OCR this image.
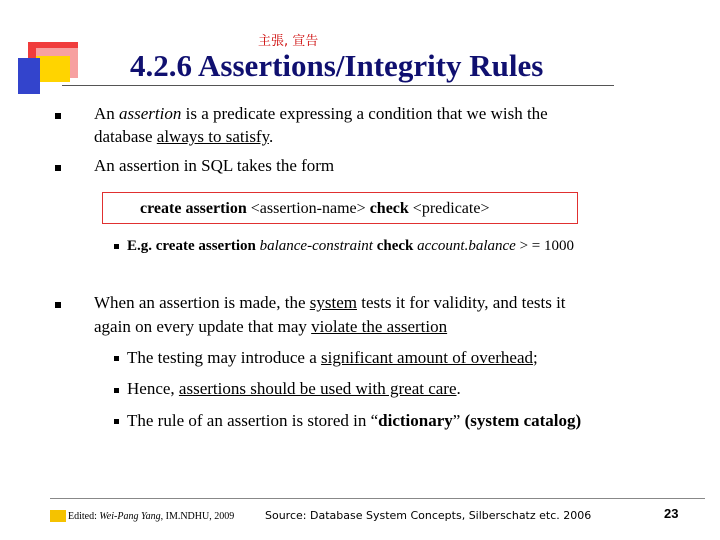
主張, 宣告
4.2.6 Assertions/Integrity Rules
An assertion is a predicate expressing a condition that we wish the
database always to satisfy.
An assertion in SQL takes the form
create assertion <assertion-name> check <predicate>
E.g. create assertion balance-constraint check account.balance > = 1000
When an assertion is made, the system tests it for validity, and tests it
again on every update that may violate the assertion
The testing may introduce a significant amount of overhead;
Hence, assertions should be used with great care.
The rule of an assertion is stored in “dictionary” (system catalog)
Edited: Wei-Pang Yang, IM.NDHU, 2009	Source: Database System Concepts, Silberschatz etc. 2006	23
